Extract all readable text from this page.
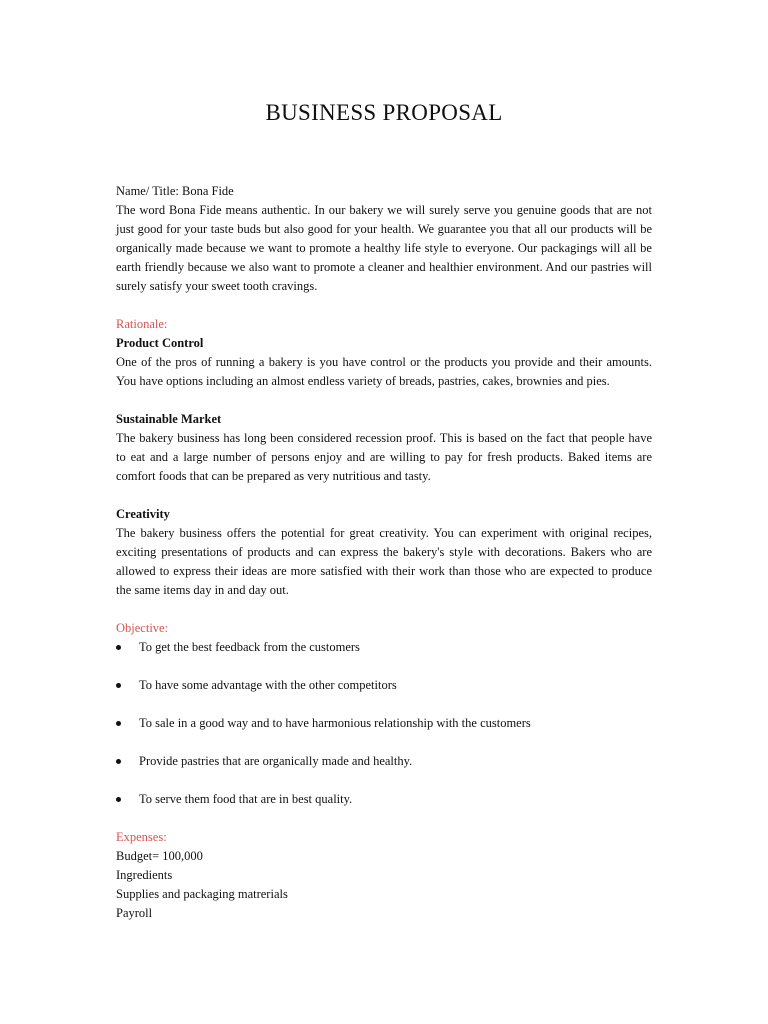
BUSINESS PROPOSAL

Name/ Title: Bona Fide

The word Bona Fide means authentic. In our bakery we will surely serve you genuine goods that are not just good for your taste buds but also good for your health. We guarantee you that all our products will be organically made because we want to promote a healthy life style to everyone. Our packagings will all be earth friendly because we also want to promote a cleaner and healthier environment. And our pastries will surely satisfy your sweet tooth cravings.

Rationale:

Product Control

One of the pros of running a bakery is you have control or the products you provide and their amounts. You have options including an almost endless variety of breads, pastries, cakes, brownies and pies.

Sustainable Market

The bakery business has long been considered recession proof. This is based on the fact that people have to eat and a large number of persons enjoy and are willing to pay for fresh products. Baked items are comfort foods that can be prepared as very nutritious and tasty.

Creativity

The bakery business offers the potential for great creativity. You can experiment with original recipes, exciting presentations of products and can express the bakery's style with decorations. Bakers who are allowed to express their ideas are more satisfied with their work than those who are expected to produce the same items day in and day out.

Objective:

To get the best feedback from the customers
To have some advantage with the other competitors
To sale in a good way and to have harmonious relationship with the customers
Provide pastries that are organically made and healthy.
To serve them food that are in best quality.

Expenses:

Budget= 100,000

Ingredients

Supplies and packaging matrerials

Payroll
